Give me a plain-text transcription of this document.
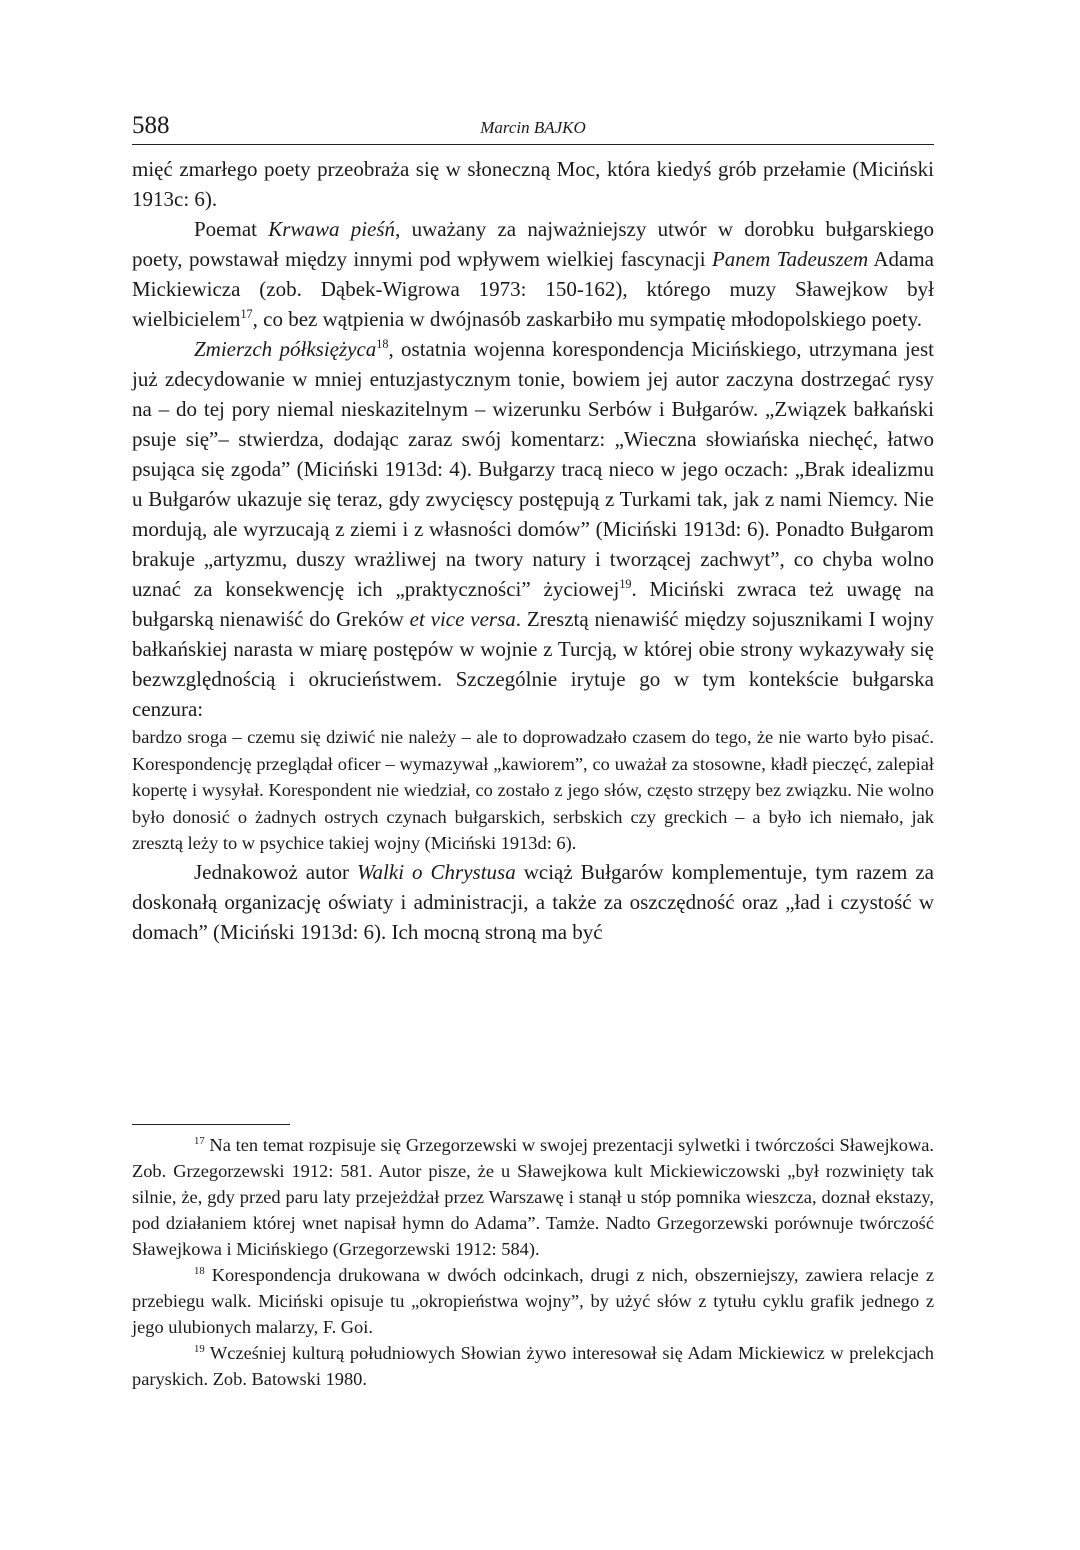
588	Marcin BAJKO

mięć zmarłego poety przeobraża się w słoneczną Moc, która kiedyś grób przełamie (Miciński 1913c: 6).

Poemat Krwawa pieśń, uważany za najważniejszy utwór w dorobku bułgarskiego poety, powstawał między innymi pod wpływem wielkiej fascynacji Panem Tadeuszem Adama Mickiewicza (zob. Dąbek-Wigrowa 1973: 150-162), którego muzy Sławejkow był wielbicielem$^{17}$, co bez wątpienia w dwójnasób zaskarbiło mu sympatię młodopolskiego poety.

Zmierzch półksiężyca$^{18}$, ostatnia wojenna korespondencja Micińskiego, utrzymana jest już zdecydowanie w mniej entuzjastycznym tonie, bowiem jej autor zaczyna dostrzegać rysy na – do tej pory niemal nieskazitelnym – wizerunku Serbów i Bułgarów. „Związek bałkański psuje się”– stwierdza, dodając zaraz swój komentarz: „Wieczna słowiańska niechęć, łatwo psująca się zgoda” (Miciński 1913d: 4). Bułgarzy tracą nieco w jego oczach: „Brak idealizmu u Bułgarów ukazuje się teraz, gdy zwycięscy postępują z Turkami tak, jak z nami Niemcy. Nie mordują, ale wyrzucają z ziemi i z własności domów” (Miciński 1913d: 6). Ponadto Bułgarom brakuje „artyzmu, duszy wrażliwej na twory natury i tworzącej zachwyt”, co chyba wolno uznać za konsekwencję ich „praktyczności” życiowej$^{19}$. Miciński zwraca też uwagę na bułgarską nienawiść do Greków et vice versa. Zresztą nienawiść między sojusznikami I wojny bałkańskiej narasta w miarę postępów w wojnie z Turcją, w której obie strony wykazywały się bezwzględnością i okrucieństwem. Szczególnie irytuje go w tym kontekście bułgarska cenzura:

bardzo sroga – czemu się dziwić nie należy – ale to doprowadzało czasem do tego, że nie warto było pisać. Korespondencję przeglądał oficer – wymazywał „kawiorem”, co uważał za stosowne, kładł pieczęć, zalepiał kopertę i wysyłał. Korespondent nie wiedział, co zostało z jego słów, często strzępy bez związku. Nie wolno było donosić o żadnych ostrych czynach bułgarskich, serbskich czy greckich – a było ich niemało, jak zresztą leży to w psychice takiej wojny (Miciński 1913d: 6).

Jednakowoż autor Walki o Chrystusa wciąż Bułgarów komplementuje, tym razem za doskonałą organizację oświaty i administracji, a także za oszczędność oraz „ład i czystość w domach” (Miciński 1913d: 6). Ich mocną stroną ma być

$^{17}$ Na ten temat rozpisuje się Grzegorzewski w swojej prezentacji sylwetki i twórczości Sławejkowa. Zob. Grzegorzewski 1912: 581. Autor pisze, że u Sławejkowa kult Mickiewiczowski „był rozwinięty tak silnie, że, gdy przed paru laty przejeżdżał przez Warszawę i stanął u stóp pomnika wieszcza, doznał ekstazy, pod działaniem której wnet napisał hymn do Adama”. Tamże. Nadto Grzegorzewski porównuje twórczość Sławejkowa i Micińskiego (Grzegorzewski 1912: 584).

$^{18}$ Korespondencja drukowana w dwóch odcinkach, drugi z nich, obszerniejszy, zawiera relacje z przebiegu walk. Miciński opisuje tu „okropieństwa wojny”, by użyć słów z tytułu cyklu grafik jednego z jego ulubionych malarzy, F. Goi.

$^{19}$ Wcześniej kulturą południowych Słowian żywo interesował się Adam Mickiewicz w prelekcjach paryskich. Zob. Batowski 1980.
